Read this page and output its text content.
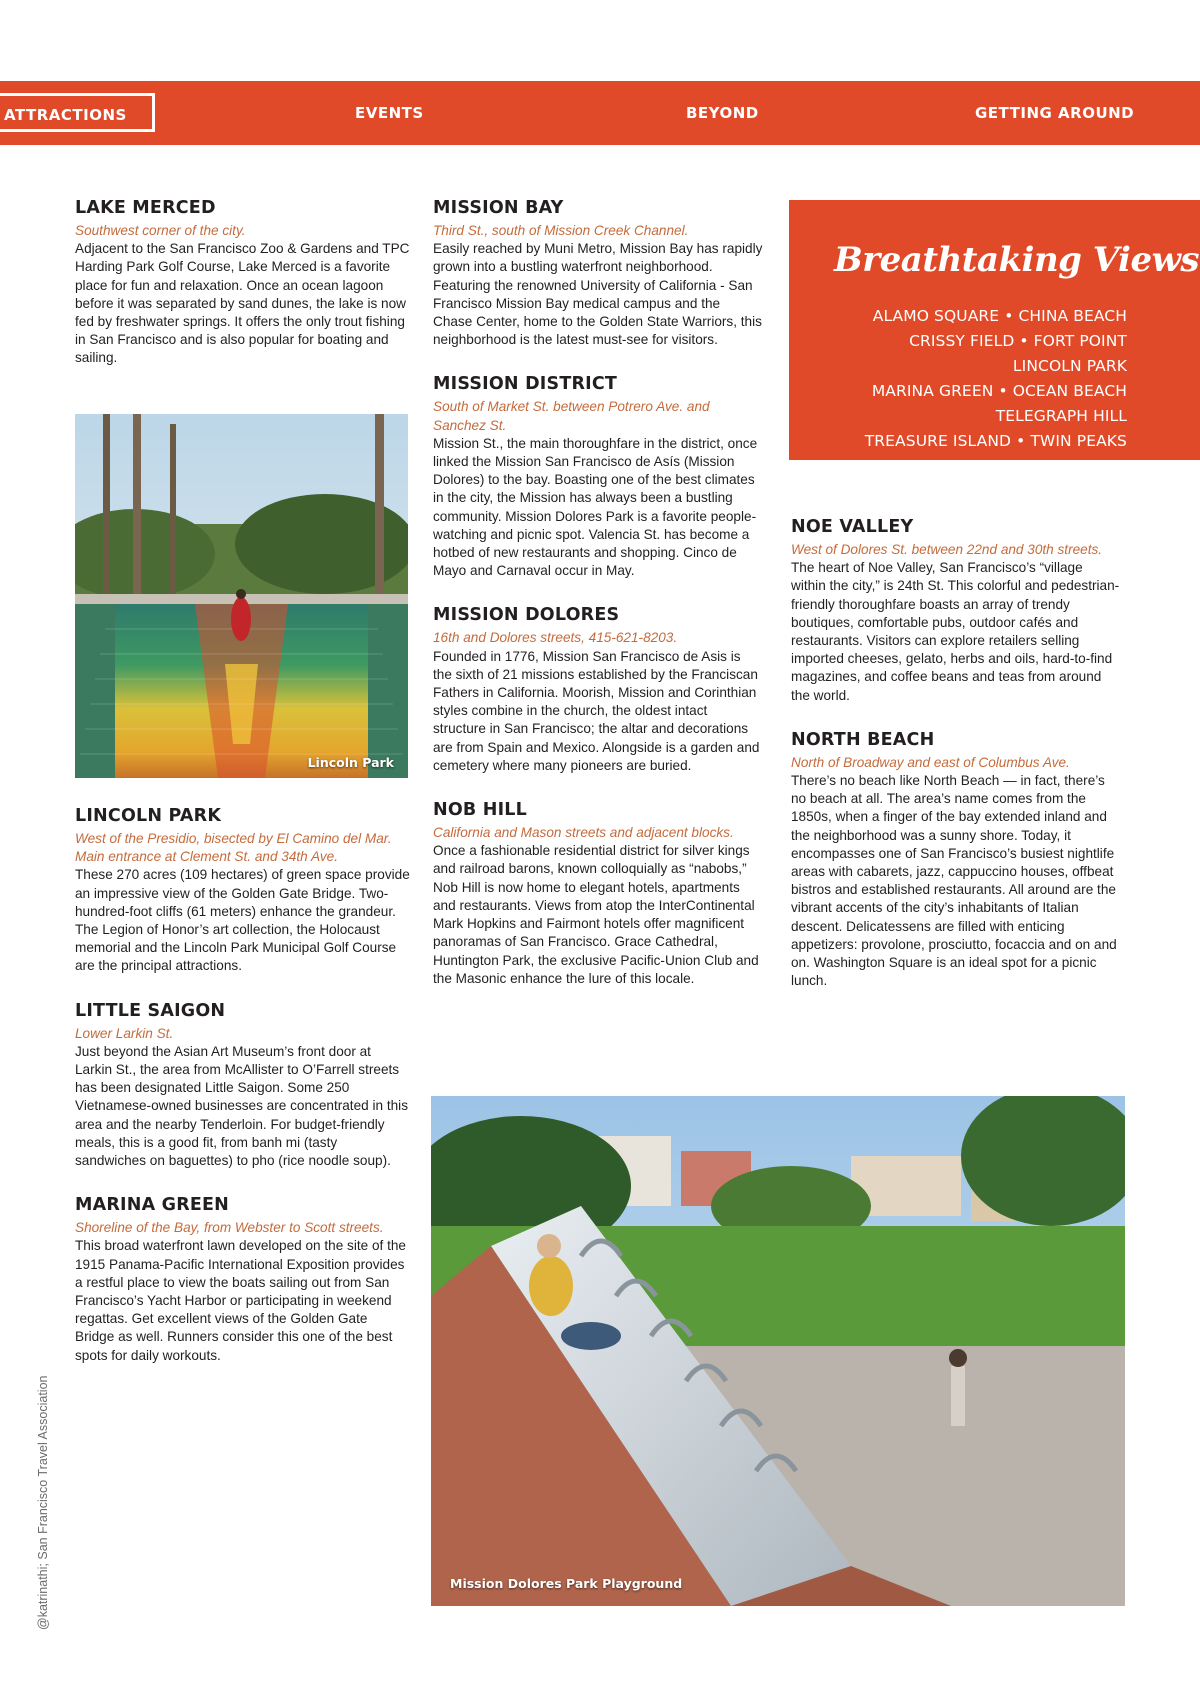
ATTRACTIONS	EVENTS	BEYOND	GETTING AROUND
LAKE MERCED

Southwest corner of the city.

Adjacent to the San Francisco Zoo & Gardens and TPC Harding Park Golf Course, Lake Merced is a favorite place for fun and relaxation. Once an ocean lagoon before it was separated by sand dunes, the lake is now fed by freshwater springs. It offers the only trout fishing in San Francisco and is also popular for boating and sailing.

Lincoln Park
LINCOLN PARK

West of the Presidio, bisected by El Camino del Mar. Main entrance at Clement St. and 34th Ave.

These 270 acres (109 hectares) of green space provide an impressive view of the Golden Gate Bridge. Two-hundred-foot cliffs (61 meters) enhance the grandeur. The Legion of Honor’s art collection, the Holocaust memorial and the Lincoln Park Municipal Golf Course are the principal attractions.

LITTLE SAIGON

Lower Larkin St.

Just beyond the Asian Art Museum’s front door at Larkin St., the area from McAllister to O’Farrell streets has been designated Little Saigon. Some 250 Vietnamese-owned businesses are concentrated in this area and the nearby Tenderloin. For budget-friendly meals, this is a good fit, from banh mi (tasty sandwiches on baguettes) to pho (rice noodle soup).

MARINA GREEN

Shoreline of the Bay, from Webster to Scott streets.

This broad waterfront lawn developed on the site of the 1915 Panama-Pacific International Exposition provides a restful place to view the boats sailing out from San Francisco’s Yacht Harbor or participating in weekend regattas. Get excellent views of the Golden Gate Bridge as well. Runners consider this one of the best spots for daily workouts.

MISSION BAY

Third St., south of Mission Creek Channel.

Easily reached by Muni Metro, Mission Bay has rapidly grown into a bustling waterfront neighborhood. Featuring the renowned University of California - San Francisco Mission Bay medical campus and the Chase Center, home to the Golden State Warriors, this neighborhood is the latest must-see for visitors.

MISSION DISTRICT

South of Market St. between Potrero Ave. and Sanchez St.

Mission St., the main thoroughfare in the district, once linked the Mission San Francisco de Asís (Mission Dolores) to the bay. Boasting one of the best climates in the city, the Mission has always been a bustling community. Mission Dolores Park is a favorite people-watching and picnic spot. Valencia St. has become a hotbed of new restaurants and shopping. Cinco de Mayo and Carnaval occur in May.

MISSION DOLORES

16th and Dolores streets, 415-621-8203.

Founded in 1776, Mission San Francisco de Asis is the sixth of 21 missions established by the Franciscan Fathers in California. Moorish, Mission and Corinthian styles combine in the church, the oldest intact structure in San Francisco; the altar and decorations are from Spain and Mexico. Alongside is a garden and cemetery where many pioneers are buried.

NOB HILL

California and Mason streets and adjacent blocks.

Once a fashionable residential district for silver kings and railroad barons, known colloquially as “nabobs,” Nob Hill is now home to elegant hotels, apartments and restaurants. Views from atop the InterContinental Mark Hopkins and Fairmont hotels offer magnificent panoramas of San Francisco. Grace Cathedral, Huntington Park, the exclusive Pacific-Union Club and the Masonic enhance the lure of this locale.

Breathtaking Views
ALAMO SQUARE • CHINA BEACH
CRISSY FIELD • FORT POINT
LINCOLN PARK
MARINA GREEN • OCEAN BEACH
TELEGRAPH HILL
TREASURE ISLAND • TWIN PEAKS
NOE VALLEY

West of Dolores St. between 22nd and 30th streets.

The heart of Noe Valley, San Francisco’s “village within the city,” is 24th St. This colorful and pedestrian-friendly thoroughfare boasts an array of trendy boutiques, comfortable pubs, outdoor cafés and restaurants. Visitors can explore retailers selling imported cheeses, gelato, herbs and oils, hard-to-find magazines, and coffee beans and teas from around the world.

NORTH BEACH

North of Broadway and east of Columbus Ave.

There’s no beach like North Beach — in fact, there’s no beach at all. The area’s name comes from the 1850s, when a finger of the bay extended inland and the neighborhood was a sunny shore. Today, it encompasses one of San Francisco’s busiest nightlife areas with cabarets, jazz, cappuccino houses, offbeat bistros and established restaurants. All around are the vibrant accents of the city’s inhabitants of Italian descent. Delicatessens are filled with enticing appetizers: provolone, prosciutto, focaccia and on and on. Washington Square is an ideal spot for a picnic lunch.

Mission Dolores Park Playground
@katrinathi; San Francisco Travel Association
